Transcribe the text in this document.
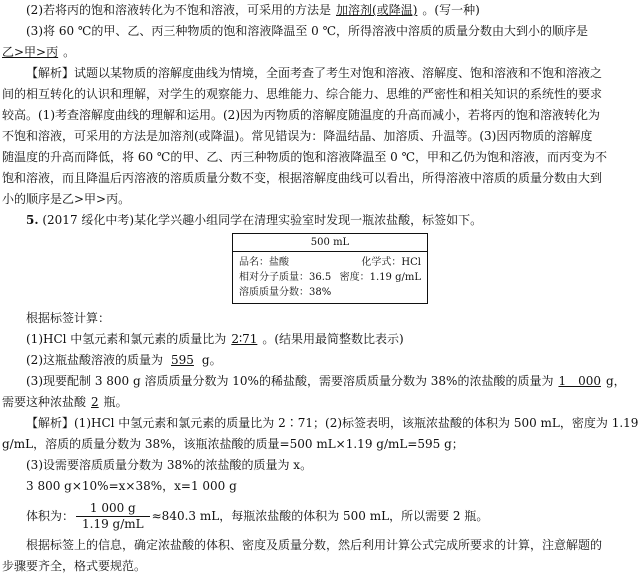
(2)若将丙的饱和溶液转化为不饱和溶液，可采用的方法是 加溶剂(或降温) 。(写一种)
(3)将 60 ℃的甲、乙、丙三种物质的饱和溶液降温至 0 ℃，所得溶液中溶质的质量分数由大到小的顺序是
乙>甲>丙 。
【解析】试题以某物质的溶解度曲线为情境，全面考查了考生对饱和溶液、溶解度、饱和溶液和不饱和溶液之
间的相互转化的认识和理解，对学生的观察能力、思维能力、综合能力、思维的严密性和相关知识的系统性的要求
较高。(1)考查溶解度曲线的理解和运用。(2)因为丙物质的溶解度随温度的升高而减小，若将丙的饱和溶液转化为
不饱和溶液，可采用的方法是加溶剂(或降温)。常见错误为：降温结晶、加溶质、升温等。(3)因丙物质的溶解度
随温度的升高而降低，将 60 ℃的甲、乙、丙三种物质的饱和溶液降温至 0 ℃，甲和乙仍为饱和溶液，而丙变为不
饱和溶液，而且降温后丙溶液的溶质质量分数不变，根据溶解度曲线可以看出，所得溶液中溶质的质量分数由大到
小的顺序是乙>甲>丙。
5. (2017 绥化中考)某化学兴趣小组同学在清理实验室时发现一瓶浓盐酸，标签如下。
500 mL
品名：盐酸	化学式：HCl
相对分子质量：36.5 密度：1.19 g/mL
溶质质量分数：38%
根据标签计算：
(1)HCl 中氢元素和氯元素的质量比为 2∶71 。(结果用最简整数比表示)
(2)这瓶盐酸溶液的质量为 595 g。
(3)现要配制 3 800 g 溶质质量分数为 10%的稀盐酸，需要溶质质量分数为 38%的浓盐酸的质量为 1　000 g，
需要这种浓盐酸 2 瓶。
【解析】(1)HCl 中氢元素和氯元素的质量比为 2∶71；(2)标签表明，该瓶浓盐酸的体积为 500 mL，密度为 1.19
g/mL，溶质的质量分数为 38%，该瓶浓盐酸的质量=500 mL×1.19 g/mL=595 g；
(3)设需要溶质质量分数为 38%的浓盐酸的质量为 x。
3 800 g×10%=x×38%，x=1 000 g
体积为： $\frac{1 000 g}{1.19 g/mL} \approx 840.3$ mL，每瓶浓盐酸的体积为 500 mL，所以需要 2 瓶。
根据标签上的信息，确定浓盐酸的体积、密度及质量分数，然后利用计算公式完成所要求的计算，注意解题的
步骤要齐全，格式要规范。
